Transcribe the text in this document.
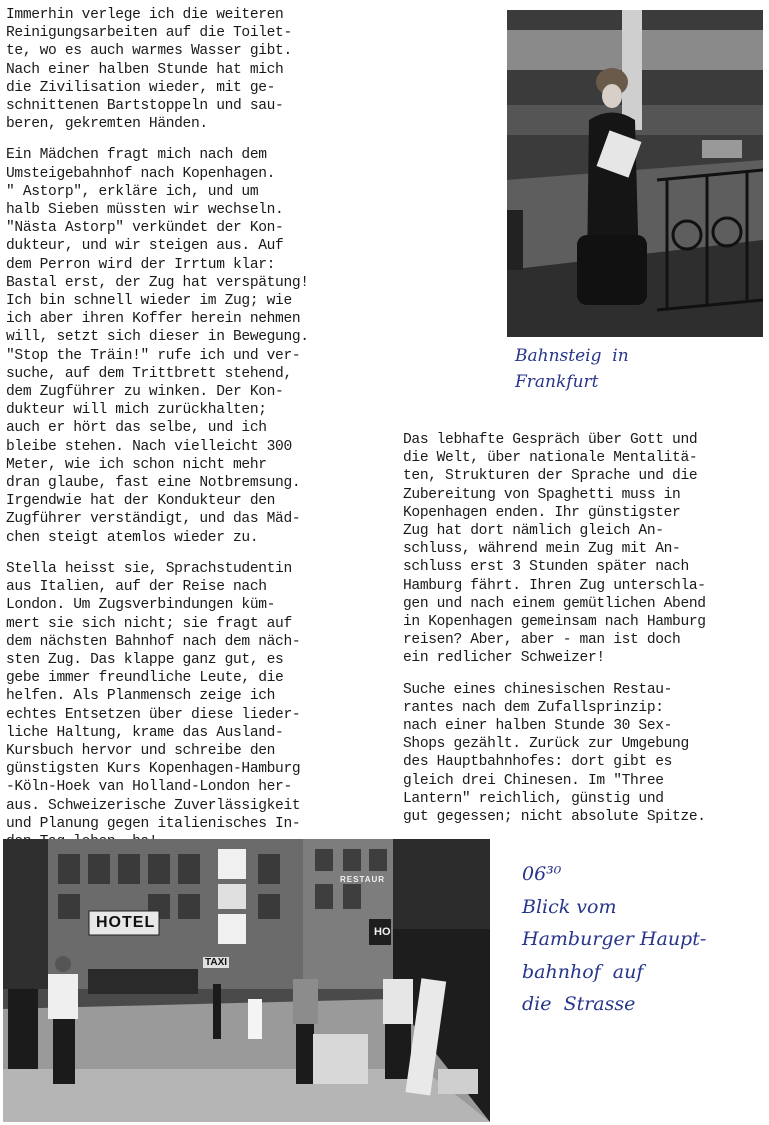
Immerhin verlege ich die weiteren
Reinigungsarbeiten auf die Toilet-
te, wo es auch warmes Wasser gibt.
Nach einer halben Stunde hat mich
die Zivilisation wieder, mit ge-
schnittenen Bartstoppeln und sau-
beren, gekremten Händen.

Ein Mädchen fragt mich nach dem
Umsteigebahnhof nach Kopenhagen.
" Astorp", erkläre ich, und um
halb Sieben müssten wir wechseln.
"Nästa Astorp" verkündet der Kon-
dukteur, und wir steigen aus. Auf
dem Perron wird der Irrtum klar:
Bastal erst, der Zug hat verspätung!
Ich bin schnell wieder im Zug; wie
ich aber ihren Koffer herein nehmen
will, setzt sich dieser in Bewegung.
"Stop the Träin!" rufe ich und ver-
suche, auf dem Trittbrett stehend,
dem Zugführer zu winken. Der Kon-
dukteur will mich zurückhalten;
auch er hört das selbe, und ich
bleibe stehen. Nach vielleicht 300
Meter, wie ich schon nicht mehr
dran glaube, fast eine Notbremsung.
Irgendwie hat der Kondukteur den
Zugführer verständigt, und das Mäd-
chen steigt atemlos wieder zu.

Stella heisst sie, Sprachstudentin
aus Italien, auf der Reise nach
London. Um Zugsverbindungen küm-
mert sie sich nicht; sie fragt auf
dem nächsten Bahnhof nach dem näch-
sten Zug. Das klappe ganz gut, es
gebe immer freundliche Leute, die
helfen. Als Planmensch zeige ich
echtes Entsetzen über diese lieder-
liche Haltung, krame das Ausland-
Kursbuch hervor und schreibe den
günstigsten Kurs Kopenhagen-Hamburg
-Köln-Hoek van Holland-London her-
aus. Schweizerische Zuverlässigkeit
und Planung gegen italienisches In-

Das lebhafte Gespräch über Gott und
die Welt, über nationale Mentalitä-
ten, Strukturen der Sprache und die
Zubereitung von Spaghetti muss in
Kopenhagen enden. Ihr günstigster
Zug hat dort nämlich gleich An-
schluss, während mein Zug mit An-
schluss erst 3 Stunden später nach
Hamburg fährt. Ihren Zug unterschla-
gen und nach einem gemütlichen Abend
in Kopenhagen gemeinsam nach Hamburg
reisen? Aber, aber - man ist doch
ein redlicher Schweizer!

Suche eines chinesischen Restau-
rantes nach dem Zufallsprinzip:
nach einer halben Stunde 30 Sex-
Shops gezählt. Zurück zur Umgebung
des Hauptbahnhofes: dort gibt es
gleich drei Chinesen. Im "Three
Lantern" reichlich, günstig und
gut gegessen; nicht absolute Spitze.

Bahnsteig  in
Frankfurt
HOTEL
RESTAUR
HO
TAXI
06³⁰
Blick vom
Hamburger Haupt-
bahnhof  auf
die  Strasse
